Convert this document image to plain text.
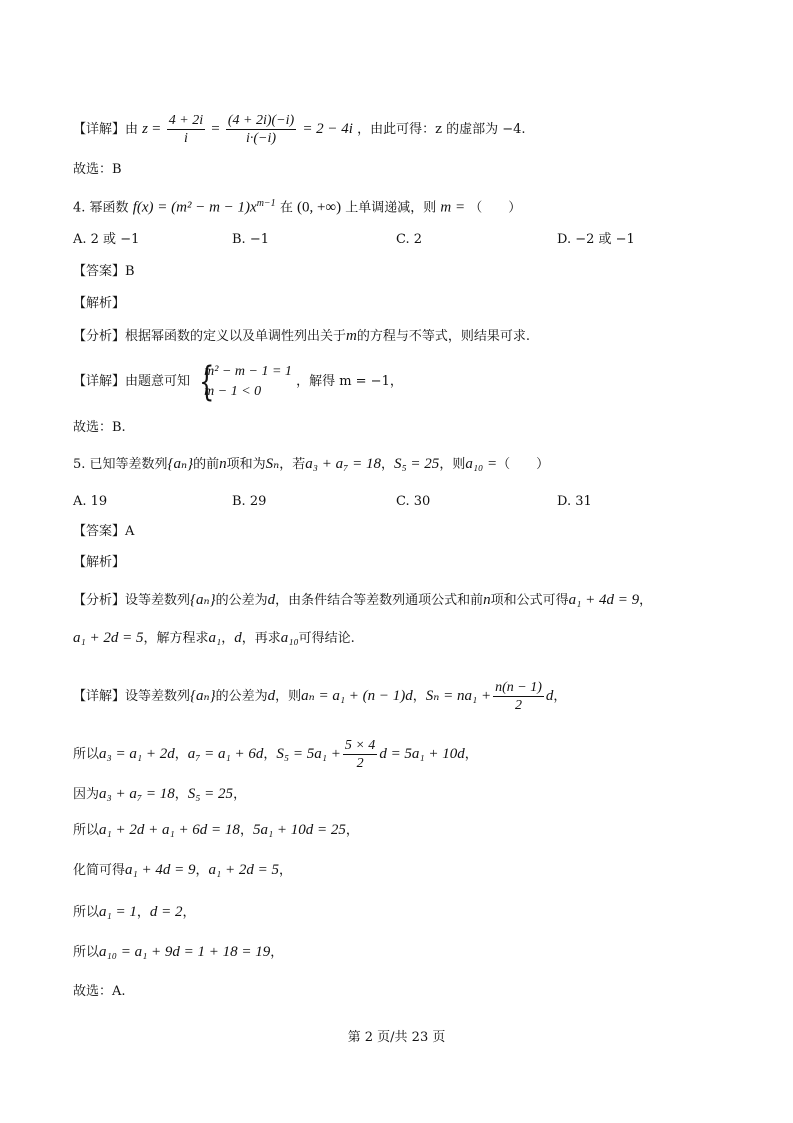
【详解】由 $z = \frac{4 + 2i}{i} = \frac{(4 + 2i)(-i)}{i\cdot(-i)} = 2 - 4i$ ，由此可得：z 的虚部为 −4.
故选：B
4. 幂函数 $f(x) = (m^2 - m - 1)x^{m-1}$ 在 (0, +∞) 上单调递减，则 m = （　　）
A. 2 或 −1	B. −1	C. 2	D. −2 或 −1
【答案】B
【解析】
【分析】根据幂函数的定义以及单调性列出关于m的方程与不等式，则结果可求.
【详解】由题意可知 {
m² − m − 1 = 1
m − 1 < 0
，解得 m = −1，
故选：B.
5. 已知等差数列{aₙ}的前n项和为Sₙ，若a₃ + a₇ = 18，S₅ = 25，则a₁₀ =（　　）
A. 19	B. 29	C. 30	D. 31
【答案】A
【解析】
【分析】设等差数列{aₙ}的公差为d，由条件结合等差数列通项公式和前n项和公式可得a₁ + 4d = 9，
a₁ + 2d = 5，解方程求a₁，d，再求a₁₀可得结论.
【详解】设等差数列{aₙ}的公差为d，则aₙ = a₁ + (n − 1)d，$S_n = na_1 + \frac{n(n - 1)}{2}$ d，
所以a₃ = a₁ + 2d，a₇ = a₁ + 6d，$S_5 = 5a_1 + \frac{5 \times 4}{2}$ d = 5a₁ + 10d，
因为a₃ + a₇ = 18，S₅ = 25，
所以a₁ + 2d + a₁ + 6d = 18，5a₁ + 10d = 25，
化简可得a₁ + 4d = 9，a₁ + 2d = 5，
所以a₁ = 1，d = 2，
所以a₁₀ = a₁ + 9d = 1 + 18 = 19，
故选：A.
第 2 页/共 23 页
